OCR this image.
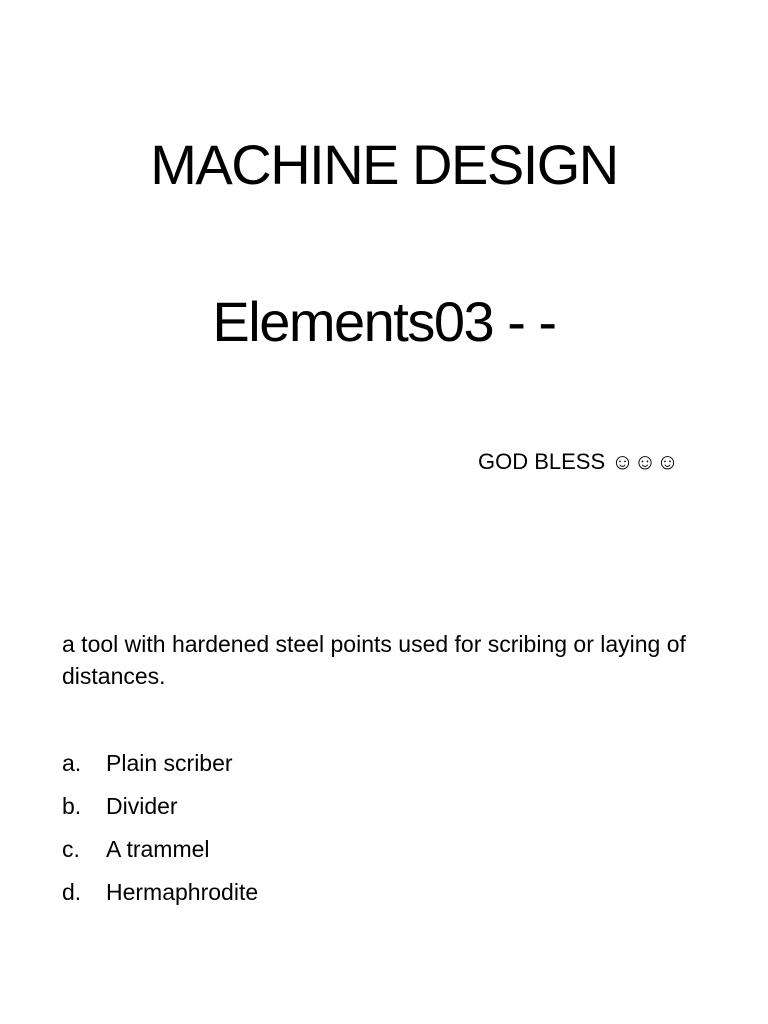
MACHINE DESIGN
Elements03 - -
GOD BLESS ☺☺☺

a tool with hardened steel points used for scribing or laying of distances.

a. Plain scriber
b. Divider
c. A trammel
d. Hermaphrodite
